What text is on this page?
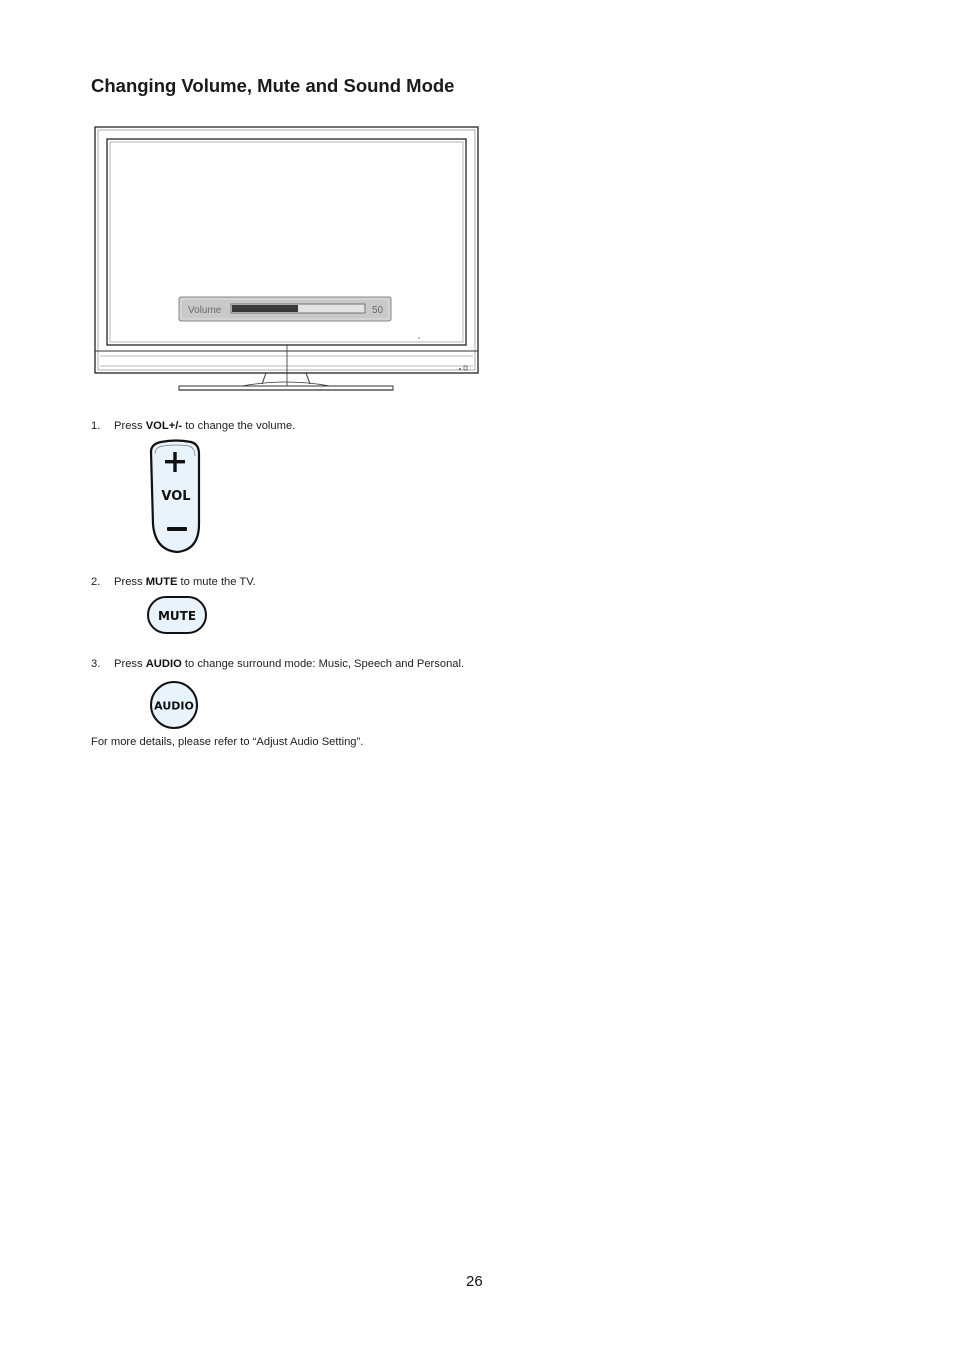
Changing Volume, Mute and Sound Mode
Volume	50
1. Press VOL+/- to change the volume.
VOL
2. Press MUTE to mute the TV.
MUTE
3. Press AUDIO to change surround mode: Music, Speech and Personal.
AUDIO
For more details, please refer to “Adjust Audio Setting”.
26
